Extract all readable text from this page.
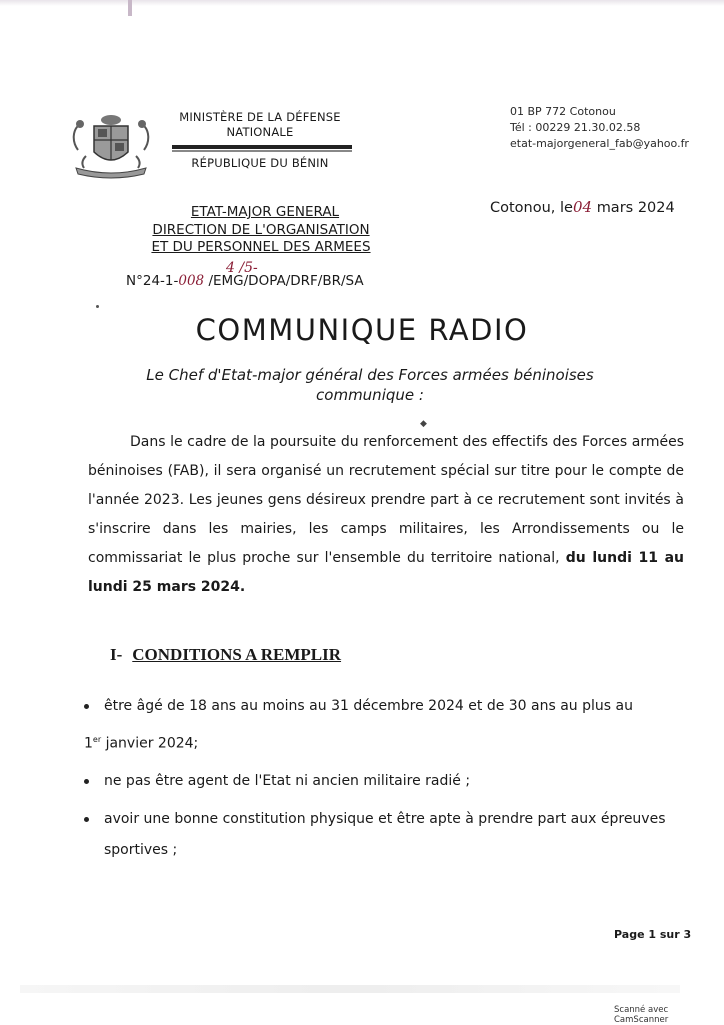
MINISTÈRE DE LA DÉFENSE
NATIONALE
RÉPUBLIQUE DU BÉNIN
01 BP 772 Cotonou
Tél : 00229 21.30.02.58
etat-majorgeneral_fab@yahoo.fr
Cotonou, le04 mars 2024
ETAT-MAJOR GENERAL
DIRECTION DE L'ORGANISATION
ET DU PERSONNEL DES ARMEES
4 /5-
N°24-1-008 /EMG/DOPA/DRF/BR/SA
COMMUNIQUE RADIO
Le Chef d'Etat-major général des Forces armées béninoises
communique :
◆
Dans le cadre de la poursuite du renforcement des effectifs des Forces armées béninoises (FAB), il sera organisé un recrutement spécial sur titre pour le compte de l'année 2023. Les jeunes gens désireux prendre part à ce recrutement sont invités à s'inscrire dans les mairies, les camps militaires, les Arrondissements ou le commissariat le plus proche sur l'ensemble du territoire national, du lundi 11 au lundi 25 mars 2024.
I- CONDITIONS A REMPLIR
être âgé de 18 ans au moins au 31 décembre 2024 et de 30 ans au plus au
1er janvier 2024;
ne pas être agent de l'Etat ni ancien militaire radié ;
avoir une bonne constitution physique et être apte à prendre part aux épreuves
sportives ;
Page 1 sur 3
Scanné avec CamScanner
